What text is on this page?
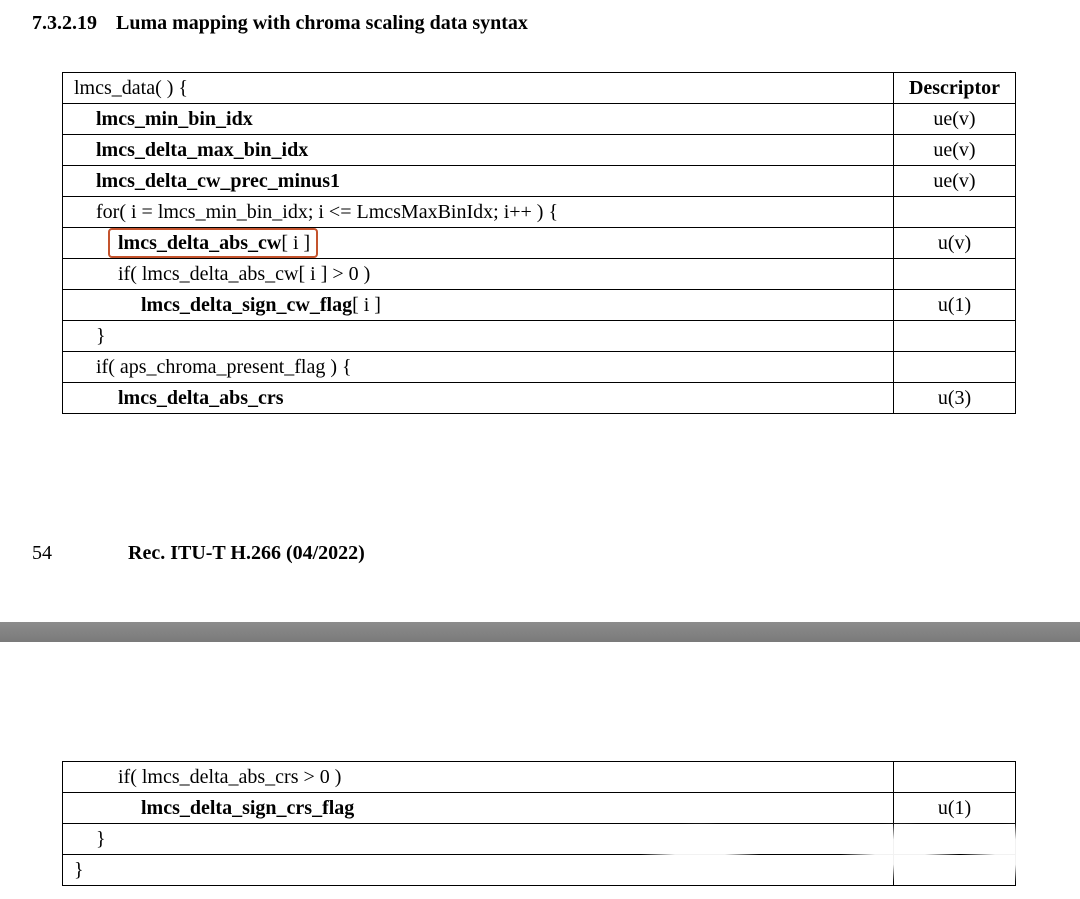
7.3.2.19 Luma mapping with chroma scaling data syntax
lmcs_data( ) {	Descriptor
lmcs_min_bin_idx	ue(v)
lmcs_delta_max_bin_idx	ue(v)
lmcs_delta_cw_prec_minus1	ue(v)
for( i = lmcs_min_bin_idx; i <= LmcsMaxBinIdx; i++ ) {	
lmcs_delta_abs_cw[ i ]	u(v)
if( lmcs_delta_abs_cw[ i ] > 0 )	
lmcs_delta_sign_cw_flag[ i ]	u(1)
}	
if( aps_chroma_present_flag ) {	
lmcs_delta_abs_crs	u(3)
54	Rec. ITU-T H.266 (04/2022)
if( lmcs_delta_abs_crs > 0 )	
lmcs_delta_sign_crs_flag	u(1)
}	
}	
